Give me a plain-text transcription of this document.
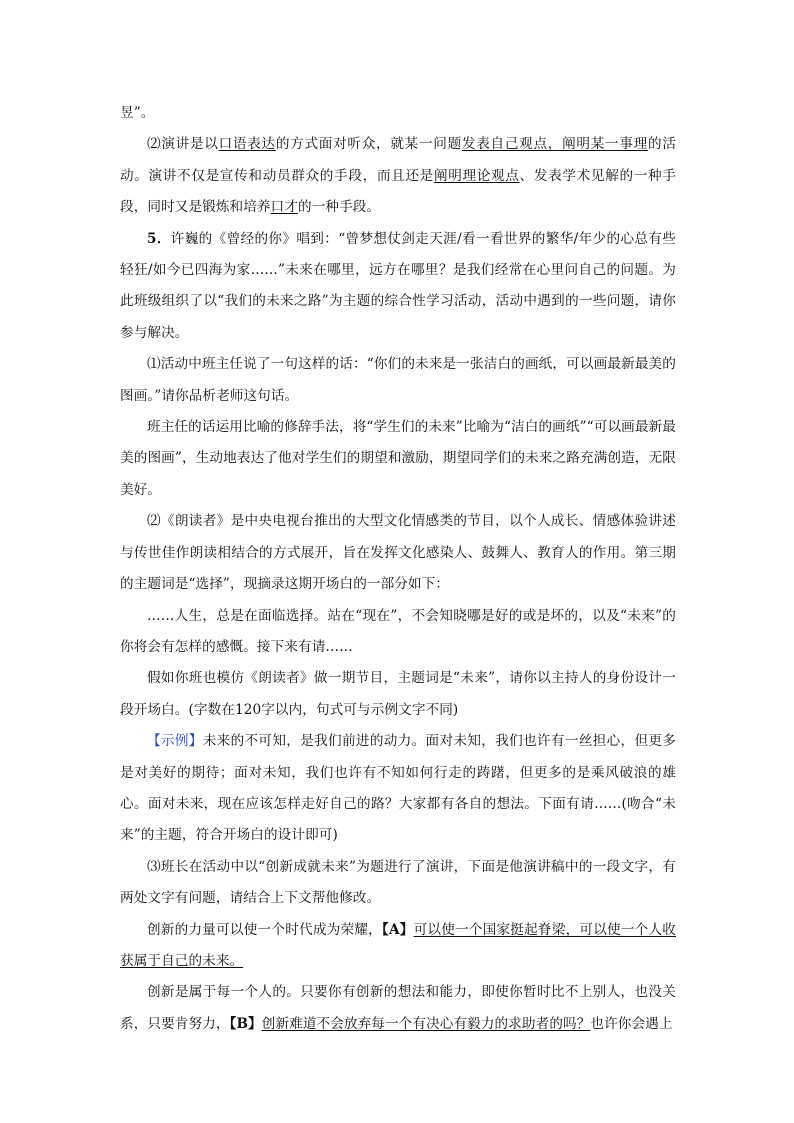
昱”。

⑵演讲是以口语表达的方式面对听众，就某一问题发表自己观点，阐明某一事理的活动。演讲不仅是宣传和动员群众的手段，而且还是阐明理论观点、发表学术见解的一种手段，同时又是锻炼和培养口才的一种手段。

5．许巍的《曾经的你》唱到：“曾梦想仗剑走天涯/看一看世界的繁华/年少的心总有些轻狂/如今已四海为家……”未来在哪里，远方在哪里？是我们经常在心里问自己的问题。为此班级组织了以“我们的未来之路”为主题的综合性学习活动，活动中遇到的一些问题，请你参与解决。

⑴活动中班主任说了一句这样的话：“你们的未来是一张洁白的画纸，可以画最新最美的图画。”请你品析老师这句话。

班主任的话运用比喻的修辞手法，将“学生们的未来”比喻为“洁白的画纸”“可以画最新最美的图画”，生动地表达了他对学生们的期望和激励，期望同学们的未来之路充满创造，无限美好。

⑵《朗读者》是中央电视台推出的大型文化情感类的节目，以个人成长、情感体验讲述与传世佳作朗读相结合的方式展开，旨在发挥文化感染人、鼓舞人、教育人的作用。第三期的主题词是“选择”，现摘录这期开场白的一部分如下：

……人生，总是在面临选择。站在“现在”，不会知晓哪是好的或是坏的，以及“未来”的你将会有怎样的感慨。接下来有请……

假如你班也模仿《朗读者》做一期节目，主题词是“未来”，请你以主持人的身份设计一段开场白。(字数在120字以内，句式可与示例文字不同)

【示例】未来的不可知，是我们前进的动力。面对未知，我们也许有一丝担心，但更多是对美好的期待；面对未知，我们也许有不知如何行走的踌躇，但更多的是乘风破浪的雄心。面对未来，现在应该怎样走好自己的路？大家都有各自的想法。下面有请……(吻合“未来”的主题，符合开场白的设计即可)

⑶班长在活动中以“创新成就未来”为题进行了演讲，下面是他演讲稿中的一段文字，有两处文字有问题，请结合上下文帮他修改。

创新的力量可以使一个时代成为荣耀，【A】可以使一个国家挺起脊梁，可以使一个人收获属于自己的未来。

创新是属于每一个人的。只要你有创新的想法和能力，即使你暂时比不上别人，也没关系，只要肯努力，【B】创新难道不会放弃每一个有决心有毅力的求助者的吗？也许你会遇上
